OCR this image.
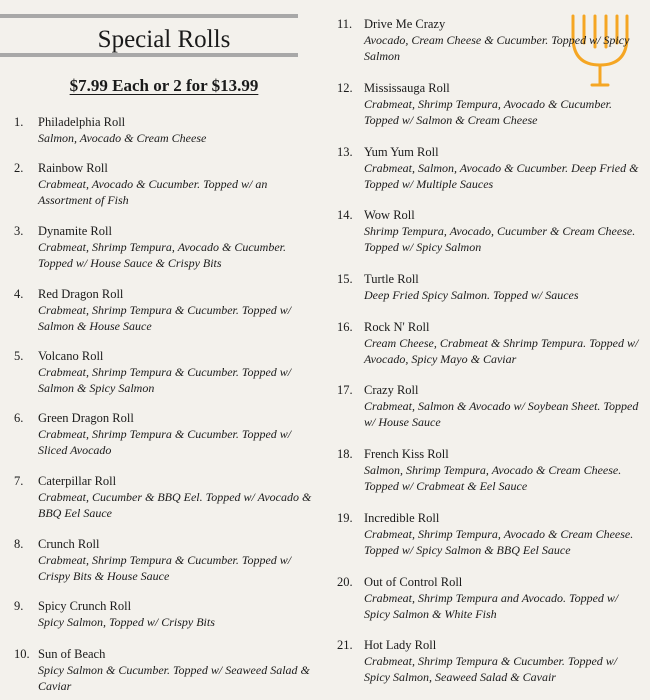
Special Rolls
$7.99 Each or 2 for $13.99
1. Philadelphia Roll
Salmon, Avocado & Cream Cheese
2. Rainbow Roll
Crabmeat, Avocado & Cucumber. Topped w/ an Assortment of Fish
3. Dynamite Roll
Crabmeat, Shrimp Tempura, Avocado & Cucumber. Topped w/ House Sauce & Crispy Bits
4. Red Dragon Roll
Crabmeat, Shrimp Tempura & Cucumber. Topped w/ Salmon & House Sauce
5. Volcano Roll
Crabmeat, Shrimp Tempura & Cucumber. Topped w/ Salmon & Spicy Salmon
6. Green Dragon Roll
Crabmeat, Shrimp Tempura & Cucumber. Topped w/ Sliced Avocado
7. Caterpillar Roll
Crabmeat, Cucumber & BBQ Eel. Topped w/ Avocado & BBQ Eel Sauce
8. Crunch Roll
Crabmeat, Shrimp Tempura & Cucumber. Topped w/ Crispy Bits & House Sauce
9. Spicy Crunch Roll
Spicy Salmon, Topped w/ Crispy Bits
10. Sun of Beach
Spicy Salmon & Cucumber. Topped w/ Seaweed Salad & Caviar
11. Drive Me Crazy
Avocado, Cream Cheese & Cucumber. Topped w/ Spicy Salmon
12. Mississauga Roll
Crabmeat, Shrimp Tempura, Avocado & Cucumber. Topped w/ Salmon & Cream Cheese
13. Yum Yum Roll
Crabmeat, Salmon, Avocado & Cucumber. Deep Fried & Topped w/ Multiple Sauces
14. Wow Roll
Shrimp Tempura, Avocado, Cucumber & Cream Cheese. Topped w/ Spicy Salmon
15. Turtle Roll
Deep Fried Spicy Salmon. Topped w/ Sauces
16. Rock N' Roll
Cream Cheese, Crabmeat & Shrimp Tempura. Topped w/ Avocado, Spicy Mayo & Caviar
17. Crazy Roll
Crabmeat, Salmon & Avocado w/ Soybean Sheet. Topped w/ House Sauce
18. French Kiss Roll
Salmon, Shrimp Tempura, Avocado & Cream Cheese. Topped w/ Crabmeat & Eel Sauce
19. Incredible Roll
Crabmeat, Shrimp Tempura, Avocado & Cream Cheese. Topped w/ Spicy Salmon & BBQ Eel Sauce
20. Out of Control Roll
Crabmeat, Shrimp Tempura and Avocado. Topped w/ Spicy Salmon & White Fish
21. Hot Lady Roll
Crabmeat, Shrimp Tempura & Cucumber. Topped w/ Spicy Salmon, Seaweed Salad & Cavair
